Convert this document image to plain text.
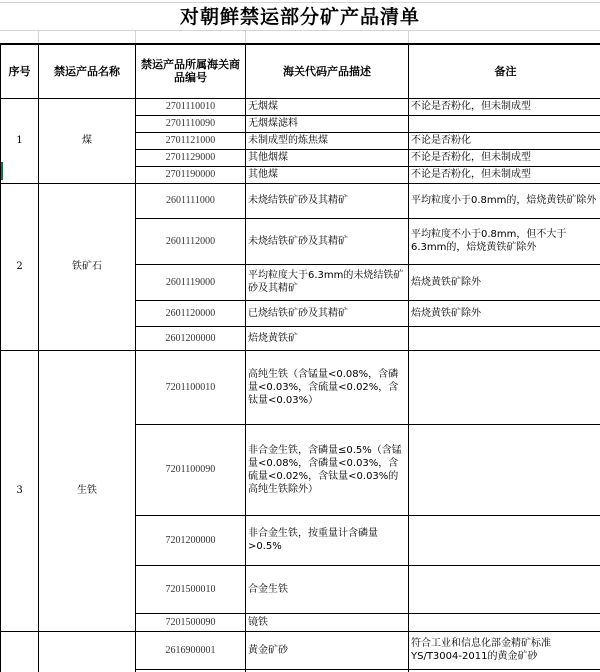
对朝鲜禁运部分矿产品清单
序号	禁运产品名称	禁运产品所属海关商品编号	海关代码产品描述	备注
1	煤	2701110010	无烟煤	不论是否粉化，但未制成型
		2701110090	无烟煤滤料	
		2701121000	未制成型的炼焦煤	不论是否粉化
		2701129000	其他烟煤	不论是否粉化，但未制成型
		2701190000	其他煤	不论是否粉化，但未制成型
2	铁矿石	2601111000	未烧结铁矿砂及其精矿	平均粒度小于0.8mm的，焙烧黄铁矿除外
		2601112000	未烧结铁矿砂及其精矿	平均粒度不小于0.8mm，但不大于6.3mm的，焙烧黄铁矿除外
		2601119000	平均粒度大于6.3mm的未烧结铁矿砂及其精矿	焙烧黄铁矿除外
		2601120000	已烧结铁矿砂及其精矿	焙烧黄铁矿除外
		2601200000	焙烧黄铁矿	
3	生铁	7201100010	高纯生铁（含锰量<0.08%，含磷量<0.03%，含硫量<0.02%，含钛量<0.03%）	
		7201100090	非合金生铁，含磷量≤0.5%（含锰量<0.08%，含磷量<0.03%，含硫量<0.02%，含钛量<0.03%的高纯生铁除外）	
		7201200000	非合金生铁，按重量计含磷量>0.5%	
		7201500010	合金生铁	
		7201500090	镜铁	
		2616900001	黄金矿砂	符合工业和信息化部金精矿标准YS/T3004-2011的黄金矿砂
